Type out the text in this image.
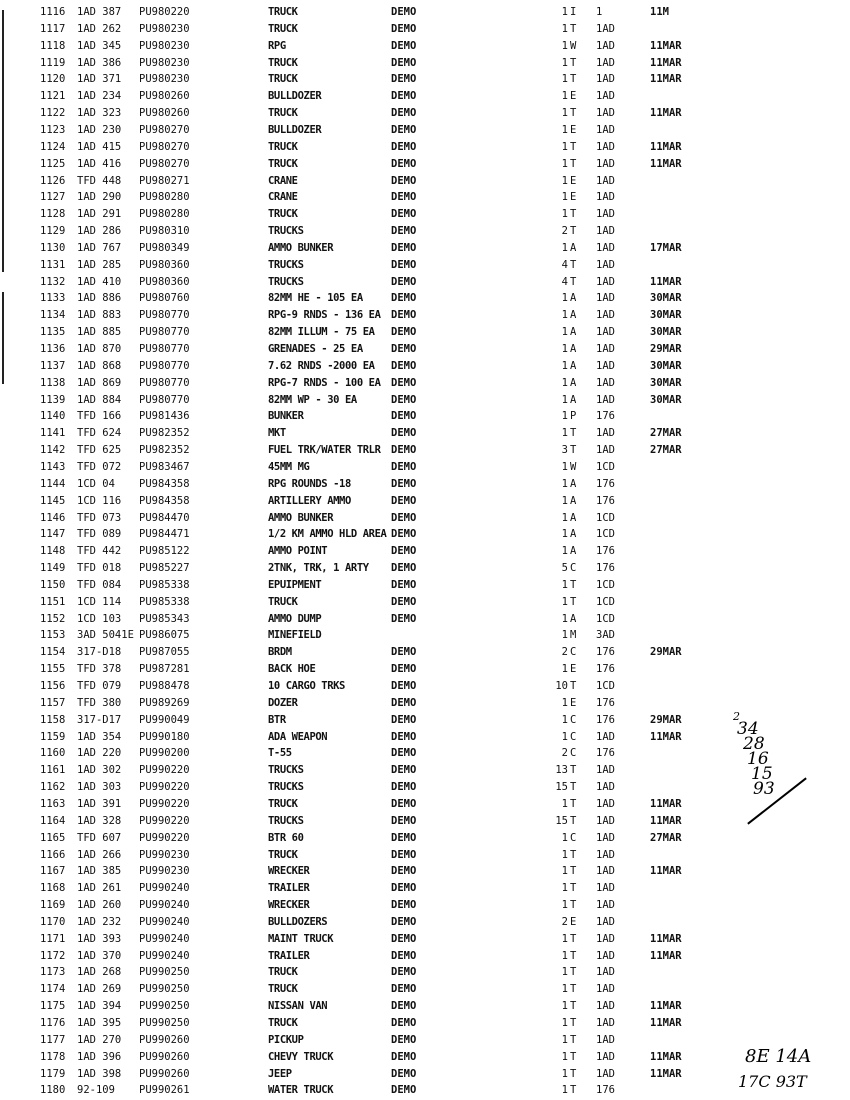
1116	1AD 387	PU980220	TRUCK	DEMO	1 I	1	11M
1117	1AD 262	PU980230	TRUCK	DEMO	1 T	1AD
1118	1AD 345	PU980230	RPG	DEMO	1 W	1AD	11MAR
1119	1AD 386	PU980230	TRUCK	DEMO	1 T	1AD	11MAR
1120	1AD 371	PU980230	TRUCK	DEMO	1 T	1AD	11MAR
1121	1AD 234	PU980260	BULLDOZER	DEMO	1 E	1AD
1122	1AD 323	PU980260	TRUCK	DEMO	1 T	1AD	11MAR
1123	1AD 230	PU980270	BULLDOZER	DEMO	1 E	1AD
1124	1AD 415	PU980270	TRUCK	DEMO	1 T	1AD	11MAR
1125	1AD 416	PU980270	TRUCK	DEMO	1 T	1AD	11MAR
1126	TFD 448	PU980271	CRANE	DEMO	1 E	1AD
1127	1AD 290	PU980280	CRANE	DEMO	1 E	1AD
1128	1AD 291	PU980280	TRUCK	DEMO	1 T	1AD
1129	1AD 286	PU980310	TRUCKS	DEMO	2 T	1AD
1130	1AD 767	PU980349	AMMO BUNKER	DEMO	1 A	1AD	17MAR
1131	1AD 285	PU980360	TRUCKS	DEMO	4 T	1AD
1132	1AD 410	PU980360	TRUCKS	DEMO	4 T	1AD	11MAR
1133	1AD 886	PU980760	82MM HE - 105 EA	DEMO	1 A	1AD	30MAR
1134	1AD 883	PU980770	RPG-9 RNDS - 136 EA DEMO	1 A	1AD	30MAR
1135	1AD 885	PU980770	82MM ILLUM - 75 EA	DEMO	1 A	1AD	30MAR
1136	1AD 870	PU980770	GRENADES - 25 EA	DEMO	1 A	1AD	29MAR
1137	1AD 868	PU980770	7.62 RNDS -2000 EA	DEMO	1 A	1AD	30MAR
1138	1AD 869	PU980770	RPG-7 RNDS - 100 EA DEMO	1 A	1AD	30MAR
1139	1AD 884	PU980770	82MM WP - 30 EA	DEMO	1 A	1AD	30MAR
1140	TFD 166	PU981436	BUNKER	DEMO	1 P	176
1141	TFD 624	PU982352	MKT	DEMO	1 T	1AD	27MAR
1142	TFD 625	PU982352	FUEL TRK/WATER TRLR DEMO	3 T	1AD	27MAR
1143	TFD 072	PU983467	45MM MG	DEMO	1 W	1CD
1144	1CD 04	PU984358	RPG ROUNDS -18	DEMO	1 A	176
1145	1CD 116	PU984358	ARTILLERY AMMO	DEMO	1 A	176
1146	TFD 073	PU984470	AMMO BUNKER	DEMO	1 A	1CD
1147	TFD 089	PU984471	1/2 KM AMMO HLD AREA DEMO	1 A	1CD
1148	TFD 442	PU985122	AMMO POINT	DEMO	1 A	176
1149	TFD 018	PU985227	2TNK, TRK, 1 ARTY	DEMO	5 C	176
1150	TFD 084	PU985338	EPUIPMENT	DEMO	1 T	1CD
1151	1CD 114	PU985338	TRUCK	DEMO	1 T	1CD
1152	1CD 103	PU985343	AMMO DUMP	DEMO	1 A	1CD
1153	3AD 5041E PU986075	MINEFIELD	1 M	3AD
1154	317-D18	PU987055	BRDM	DEMO	2 C	176	29MAR
1155	TFD 378	PU987281	BACK HOE	DEMO	1 E	176
1156	TFD 079	PU988478	10 CARGO TRKS	DEMO	10 T	1CD
1157	TFD 380	PU989269	DOZER	DEMO	1 E	176
1158	317-D17	PU990049	BTR	DEMO	1 C	176	29MAR
1159	1AD 354	PU990180	ADA WEAPON	DEMO	1 C	1AD	11MAR
1160	1AD 220	PU990200	T-55	DEMO	2 C	176
1161	1AD 302	PU990220	TRUCKS	DEMO	13 T	1AD
1162	1AD 303	PU990220	TRUCKS	DEMO	15 T	1AD
1163	1AD 391	PU990220	TRUCK	DEMO	1 T	1AD	11MAR
1164	1AD 328	PU990220	TRUCKS	DEMO	15 T	1AD	11MAR
1165	TFD 607	PU990220	BTR 60	DEMO	1 C	1AD	27MAR
1166	1AD 266	PU990230	TRUCK	DEMO	1 T	1AD
1167	1AD 385	PU990230	WRECKER	DEMO	1 T	1AD	11MAR
1168	1AD 261	PU990240	TRAILER	DEMO	1 T	1AD
1169	1AD 260	PU990240	WRECKER	DEMO	1 T	1AD
1170	1AD 232	PU990240	BULLDOZERS	DEMO	2 E	1AD
1171	1AD 393	PU990240	MAINT TRUCK	DEMO	1 T	1AD	11MAR
1172	1AD 370	PU990240	TRAILER	DEMO	1 T	1AD	11MAR
1173	1AD 268	PU990250	TRUCK	DEMO	1 T	1AD
1174	1AD 269	PU990250	TRUCK	DEMO	1 T	1AD
1175	1AD 394	PU990250	NISSAN VAN	DEMO	1 T	1AD	11MAR
1176	1AD 395	PU990250	TRUCK	DEMO	1 T	1AD	11MAR
1177	1AD 270	PU990260	PICKUP	DEMO	1 T	1AD
1178	1AD 396	PU990260	CHEVY TRUCK	DEMO	1 T	1AD	11MAR
1179	1AD 398	PU990260	JEEP	DEMO	1 T	1AD	11MAR
1180	92-109	PU990261	WATER TRUCK	DEMO	1 T	176
2
34
28
16
15
93
8E 14A
17C 93T
